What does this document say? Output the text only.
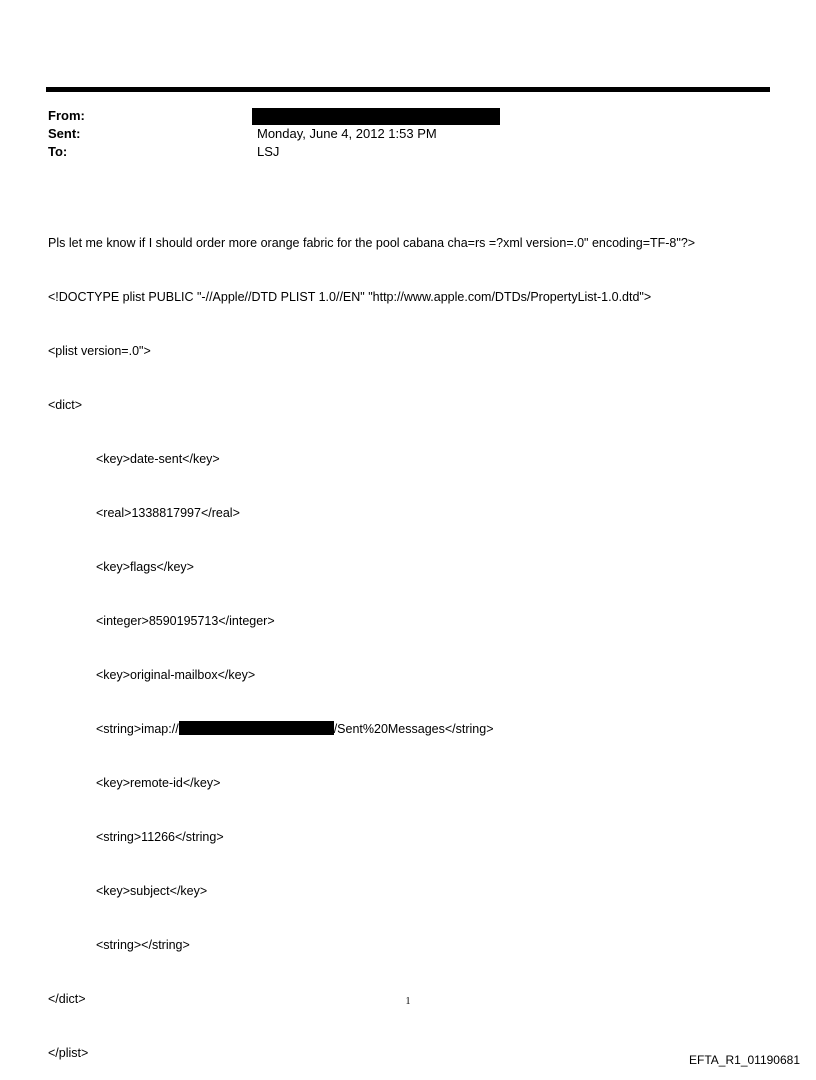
From:
Sent:	Monday, June 4, 2012 1:53 PM
To:	LSJ

Pls let me know if I should order more orange fabric for the pool cabana cha=rs =?xml version=.0" encoding=TF-8"?>

<!DOCTYPE plist PUBLIC "-//Apple//DTD PLIST 1.0//EN" "http://www.apple.com/DTDs/PropertyList-1.0.dtd">

<plist version=.0">

<dict>

<key>date-sent</key>

<real>1338817997</real>

<key>flags</key>

<integer>8590195713</integer>

<key>original-mailbox</key>

<string>imap://	/Sent%20Messages</string>

<key>remote-id</key>

<string>11266</string>

<key>subject</key>

<string></string>

</dict>

</plist>

1
EFTA_R1_01190681
